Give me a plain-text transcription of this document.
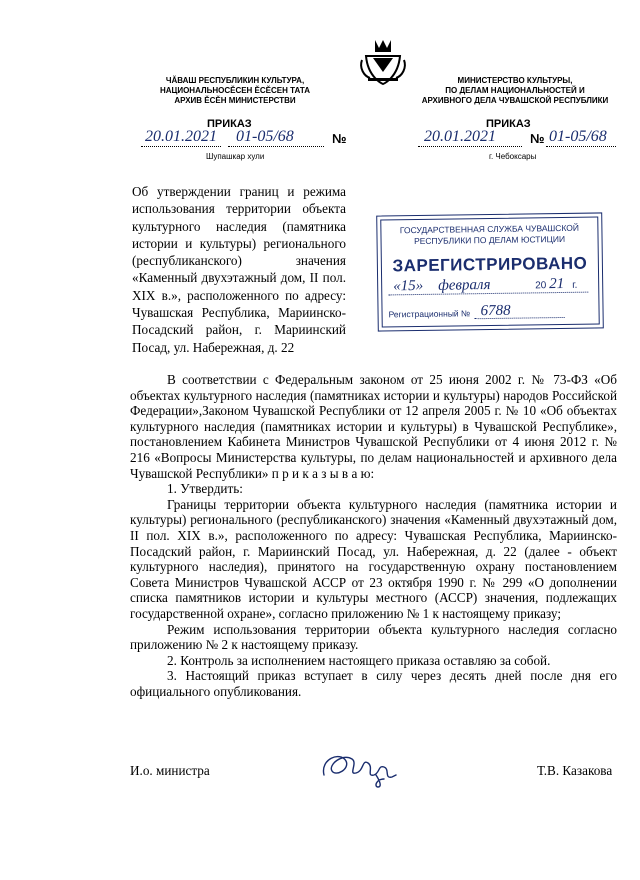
ЧӐВАШ РЕСПУБЛИКИН КУЛЬТУРА,
НАЦИОНАЛЬНОСĔСЕН ĔСĔСЕН ТАТА
АРХИВ ĔСĔН МИНИСТЕРСТВИ
МИНИСТЕРСТВО КУЛЬТУРЫ,
ПО ДЕЛАМ НАЦИОНАЛЬНОСТЕЙ И
АРХИВНОГО ДЕЛА ЧУВАШСКОЙ РЕСПУБЛИКИ
ПРИКАЗ	ПРИКАЗ
20.01.2021 01-05/68	№
Шупашкар хули
20.01.2021	№ 01-05/68
г. Чебоксары
Об утверждении границ и режима использования территории объекта культурного наследия (памятника истории и культуры) регионального (республиканского) значения «Каменный двухэтажный дом, II пол. XIX в.», расположенного по адресу: Чувашская Республика, Мариинско-Посадский район, г. Мариинский Посад, ул. Набережная, д. 22
ГОСУДАРСТВЕННАЯ СЛУЖБА ЧУВАШСКОЙ
РЕСПУБЛИКИ ПО ДЕЛАМ ЮСТИЦИИ
ЗАРЕГИСТРИРОВАНО
«15» февраля	20 21 г.
Регистрационный № 6788

В соответствии с Федеральным законом от 25 июня 2002 г. № 73-ФЗ «Об объектах культурного наследия (памятниках истории и культуры) народов Российской Федерации»,Законом Чувашской Республики от 12 апреля 2005 г. № 10 «Об объектах культурного наследия (памятниках истории и культуры) в Чувашской Республике», постановлением Кабинета Министров Чувашской Республики от 4 июня 2012 г. № 216 «Вопросы Министерства культуры, по делам национальностей и архивного дела Чувашской Республики» п р и к а з ы в а ю:

1. Утвердить:

Границы территории объекта культурного наследия (памятника истории и культуры) регионального (республиканского) значения «Каменный двухэтажный дом, II пол. XIX в.», расположенного по адресу: Чувашская Республика, Мариинско-Посадский район, г. Мариинский Посад, ул. Набережная, д. 22 (далее - объект культурного наследия), принятого на государственную охрану постановлением Совета Министров Чувашской АССР от 23 октября 1990 г. № 299 «О дополнении списка памятников истории и культуры местного (АССР) значения, подлежащих государственной охране», согласно приложению № 1 к настоящему приказу;

Режим использования территории объекта культурного наследия согласно приложению № 2 к настоящему приказу.

2. Контроль за исполнением настоящего приказа оставляю за собой.

3. Настоящий приказ вступает в силу через десять дней после дня его официального опубликования.

И.о. министра	Т.В. Казакова
